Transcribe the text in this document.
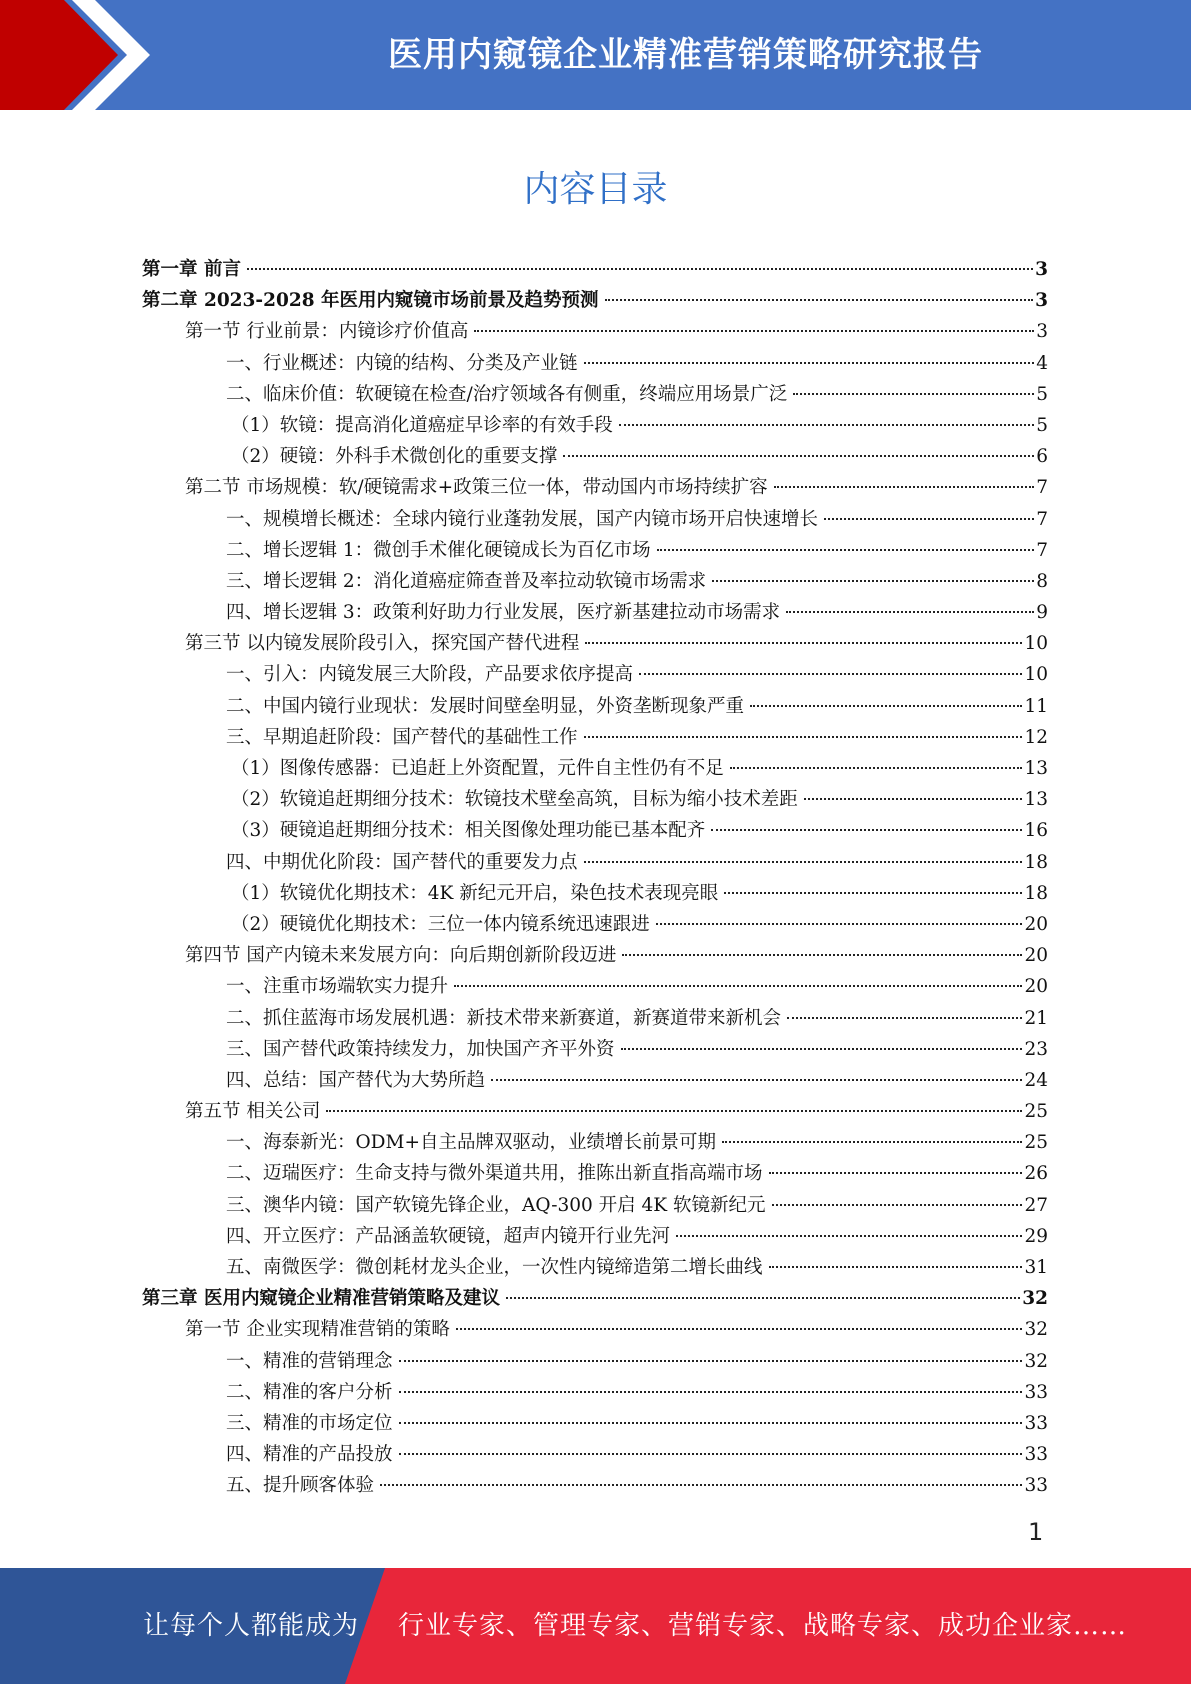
医用内窥镜企业精准营销策略研究报告
内容目录
第一章 前言	3
第二章 2023-2028 年医用内窥镜市场前景及趋势预测	3
第一节 行业前景：内镜诊疗价值高	3
一、行业概述：内镜的结构、分类及产业链	4
二、临床价值：软硬镜在检查/治疗领域各有侧重，终端应用场景广泛	5
（1）软镜：提高消化道癌症早诊率的有效手段	5
（2）硬镜：外科手术微创化的重要支撑	6
第二节 市场规模：软/硬镜需求+政策三位一体，带动国内市场持续扩容	7
一、规模增长概述：全球内镜行业蓬勃发展，国产内镜市场开启快速增长	7
二、增长逻辑 1：微创手术催化硬镜成长为百亿市场	7
三、增长逻辑 2：消化道癌症筛查普及率拉动软镜市场需求	8
四、增长逻辑 3：政策利好助力行业发展，医疗新基建拉动市场需求	9
第三节 以内镜发展阶段引入，探究国产替代进程	10
一、引入：内镜发展三大阶段，产品要求依序提高	10
二、中国内镜行业现状：发展时间壁垒明显，外资垄断现象严重	11
三、早期追赶阶段：国产替代的基础性工作	12
（1）图像传感器：已追赶上外资配置，元件自主性仍有不足	13
（2）软镜追赶期细分技术：软镜技术壁垒高筑，目标为缩小技术差距	13
（3）硬镜追赶期细分技术：相关图像处理功能已基本配齐	16
四、中期优化阶段：国产替代的重要发力点	18
（1）软镜优化期技术：4K 新纪元开启，染色技术表现亮眼	18
（2）硬镜优化期技术：三位一体内镜系统迅速跟进	20
第四节 国产内镜未来发展方向：向后期创新阶段迈进	20
一、注重市场端软实力提升	20
二、抓住蓝海市场发展机遇：新技术带来新赛道，新赛道带来新机会	21
三、国产替代政策持续发力，加快国产齐平外资	23
四、总结：国产替代为大势所趋	24
第五节 相关公司	25
一、海泰新光：ODM+自主品牌双驱动，业绩增长前景可期	25
二、迈瑞医疗：生命支持与微外渠道共用，推陈出新直指高端市场	26
三、澳华内镜：国产软镜先锋企业，AQ-300 开启 4K 软镜新纪元	27
四、开立医疗：产品涵盖软硬镜，超声内镜开行业先河	29
五、南微医学：微创耗材龙头企业，一次性内镜缔造第二增长曲线	31
第三章 医用内窥镜企业精准营销策略及建议	32
第一节 企业实现精准营销的策略	32
一、精准的营销理念	32
二、精准的客户分析	33
三、精准的市场定位	33
四、精准的产品投放	33
五、提升顾客体验	33
1
让每个人都能成为 行业专家、管理专家、营销专家、战略专家、成功企业家……
